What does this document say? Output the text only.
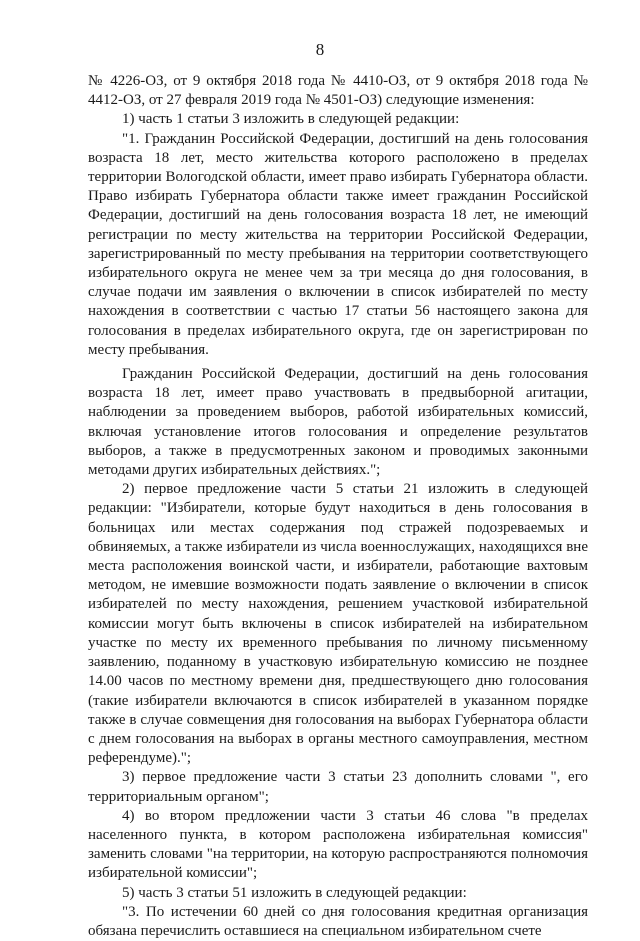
8

№ 4226-ОЗ, от 9 октября 2018 года № 4410-ОЗ, от 9 октября 2018 года № 4412-ОЗ, от 27 февраля 2019 года № 4501-ОЗ) следующие изменения:

1) часть 1 статьи 3 изложить в следующей редакции:

"1. Гражданин Российской Федерации, достигший на день голосования возраста 18 лет, место жительства которого расположено в пределах территории Вологодской области, имеет право избирать Губернатора области. Право избирать Губернатора области также имеет гражданин Российской Федерации, достигший на день голосования возраста 18 лет, не имеющий регистрации по месту жительства на территории Российской Федерации, зарегистрированный по месту пребывания на территории соответствующего избирательного округа не менее чем за три месяца до дня голосования, в случае подачи им заявления о включении в список избирателей по месту нахождения в соответствии с частью 17 статьи 56 настоящего закона для голосования в пределах избирательного округа, где он зарегистрирован по месту пребывания.

Гражданин Российской Федерации, достигший на день голосования возраста 18 лет, имеет право участвовать в предвыборной агитации, наблюдении за проведением выборов, работой избирательных комиссий, включая установление итогов голосования и определение результатов выборов, а также в предусмотренных законом и проводимых законными методами других избирательных действиях.";

2) первое предложение части 5 статьи 21 изложить в следующей редакции: "Избиратели, которые будут находиться в день голосования в больницах или местах содержания под стражей подозреваемых и обвиняемых, а также избиратели из числа военнослужащих, находящихся вне места расположения воинской части, и избиратели, работающие вахтовым методом, не имевшие возможности подать заявление о включении в список избирателей по месту нахождения, решением участковой избирательной комиссии могут быть включены в список избирателей на избирательном участке по месту их временного пребывания по личному письменному заявлению, поданному в участковую избирательную комиссию не позднее 14.00 часов по местному времени дня, предшествующего дню голосования (такие избиратели включаются в список избирателей в указанном порядке также в случае совмещения дня голосования на выборах Губернатора области с днем голосования на выборах в органы местного самоуправления, местном референдуме).";

3) первое предложение части 3 статьи 23 дополнить словами ", его территориальным органом";

4) во втором предложении части 3 статьи 46 слова "в пределах населенного пункта, в котором расположена избирательная комиссия" заменить словами "на территории, на которую распространяются полномочия избирательной комиссии";

5) часть 3 статьи 51 изложить в следующей редакции:

"3. По истечении 60 дней со дня голосования кредитная организация обязана перечислить оставшиеся на специальном избирательном счете
